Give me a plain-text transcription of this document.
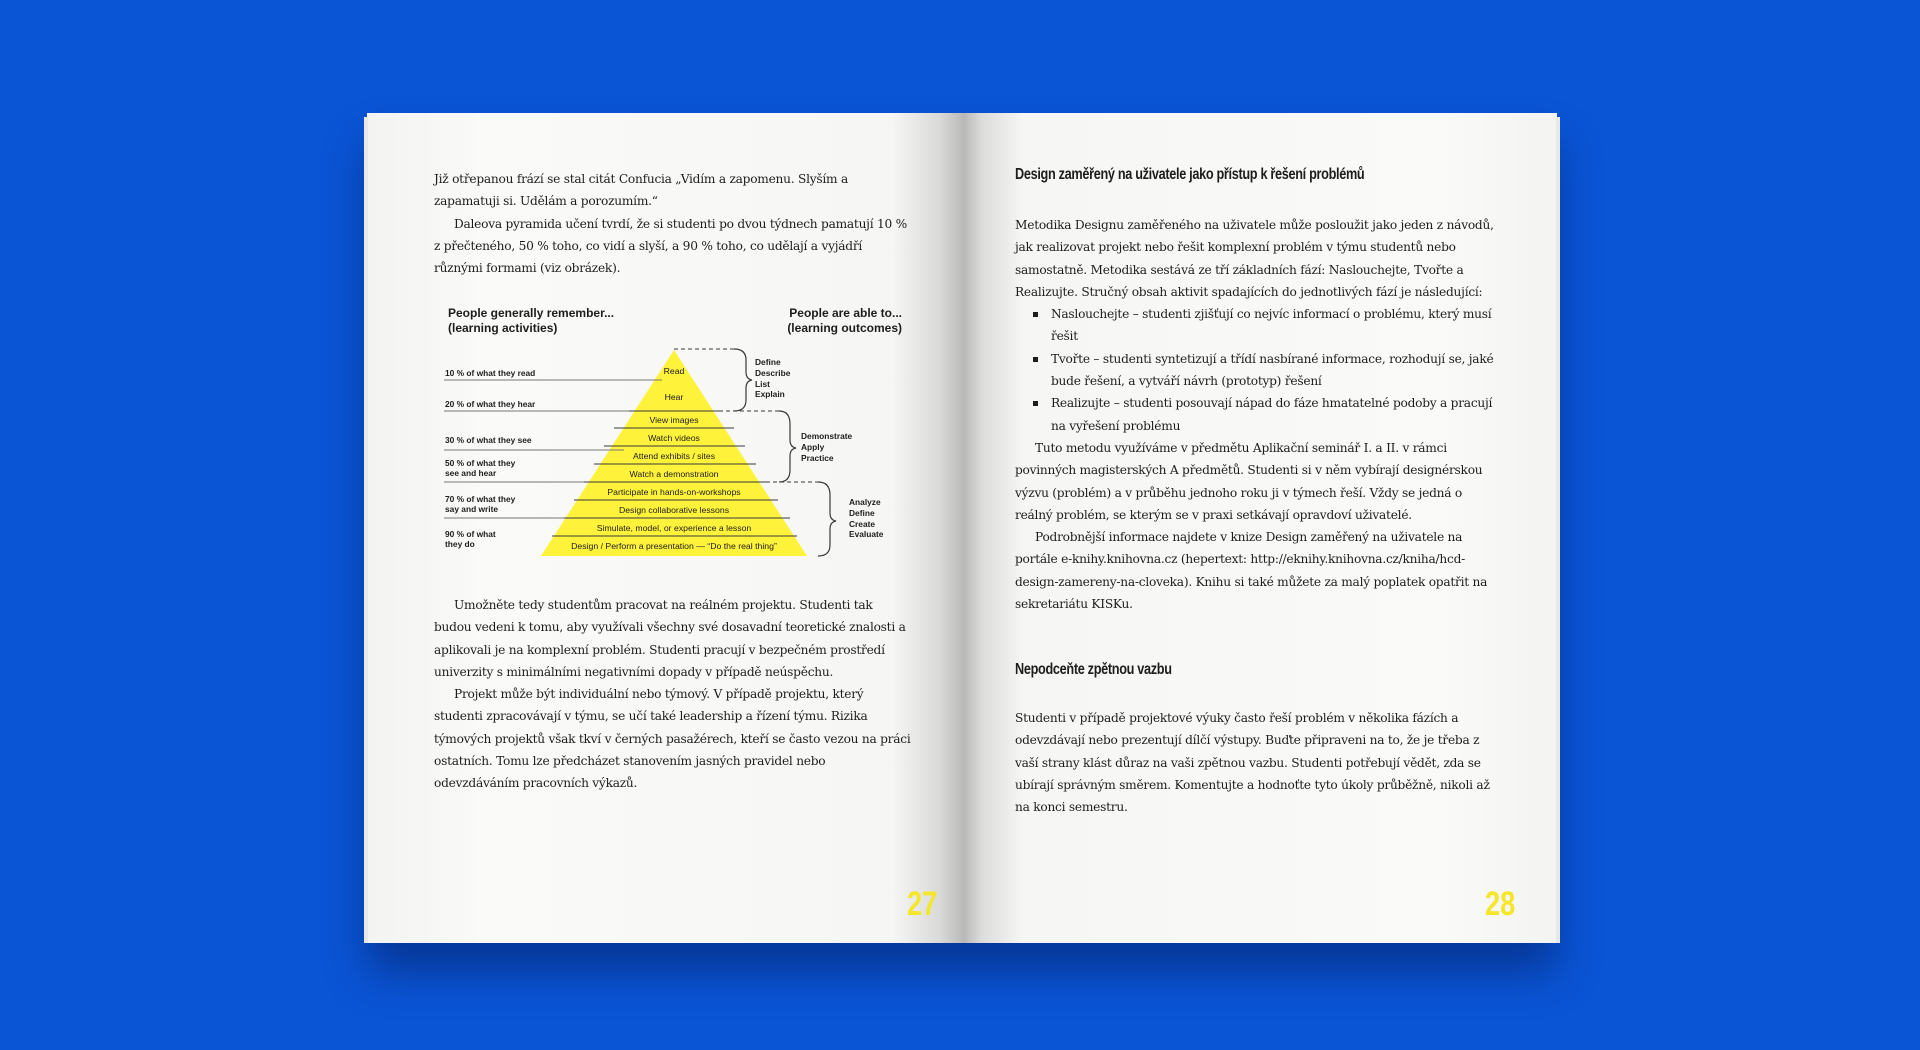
Již otřepanou frází se stal citát Confucia „Vidím a zapomenu. Slyším a zapamatuji si. Udělám a porozumím.“

Daleova pyramida učení tvrdí, že si studenti po dvou týdnech pamatují 10 % z přečteného, 50 % toho, co vidí a slyší, a 90 % toho, co udělají a vyjádří různými formami (viz obrázek).

People generally remember...
(learning activities)
People are able to...
(learning outcomes)
10 % of what they read
20 % of what they hear
30 % of what they see
50 % of what they
see and hear
70 % of what they
say and write
90 % of what
they do
Read
Hear
View images
Watch videos
Attend exhibits / sites
Watch a demonstration
Participate in hands-on-workshops
Design collaborative lessons
Simulate, model, or experience a lesson
Design / Perform a presentation — “Do the real thing”
Define
Describe
List
Explain
Demonstrate
Apply
Practice
Analyze
Define
Create
Evaluate

Umožněte tedy studentům pracovat na reálném projektu. Studenti tak budou vedeni k tomu, aby využívali všechny své dosavadní teoretické znalosti a aplikovali je na komplexní problém. Studenti pracují v bezpečném prostředí univerzity s minimálními negativními dopady v případě neúspěchu.

Projekt může být individuální nebo týmový. V případě projektu, který studenti zpracovávají v týmu, se učí také leadership a řízení týmu. Rizika týmových projektů však tkví v černých pasažérech, kteří se často vezou na práci ostatních. Tomu lze předcházet stanovením jasných pravidel nebo odevzdáváním pracovních výkazů.

27
Design zaměřený na uživatele jako přístup k řešení problémů

Metodika Designu zaměřeného na uživatele může posloužit jako jeden z návodů, jak realizovat projekt nebo řešit komplexní problém v týmu studentů nebo samostatně. Metodika sestává ze tří základních fází: Naslouchejte, Tvořte a Realizujte. Stručný obsah aktivit spadajících do jednotlivých fází je následující:

Naslouchejte – studenti zjišťují co nejvíc informací o problému, který musí řešit
Tvořte – studenti syntetizují a třídí nasbírané informace, rozhodují se, jaké bude řešení, a vytváří návrh (prototyp) řešení
Realizujte – studenti posouvají nápad do fáze hmatatelné podoby a pracují na vyřešení problému

Tuto metodu využíváme v předmětu Aplikační seminář I. a II. v rámci povinných magisterských A předmětů. Studenti si v něm vybírají designérskou výzvu (problém) a v průběhu jednoho roku ji v týmech řeší. Vždy se jedná o reálný problém, se kterým se v praxi setkávají opravdoví uživatelé.

Podrobnější informace najdete v knize Design zaměřený na uživatele na portále e-knihy.knihovna.cz (hepertext: http://eknihy.knihovna.cz/kniha/hcd-design-zamereny-na-cloveka). Knihu si také můžete za malý poplatek opatřit na sekretariátu KISKu.

Nepodceňte zpětnou vazbu

Studenti v případě projektové výuky často řeší problém v několika fázích a odevzdávají nebo prezentují dílčí výstupy. Buďte připraveni na to, že je třeba z vaší strany klást důraz na vaši zpětnou vazbu. Studenti potřebují vědět, zda se ubírají správným směrem. Komentujte a hodnoťte tyto úkoly průběžně, nikoli až na konci semestru.

28
